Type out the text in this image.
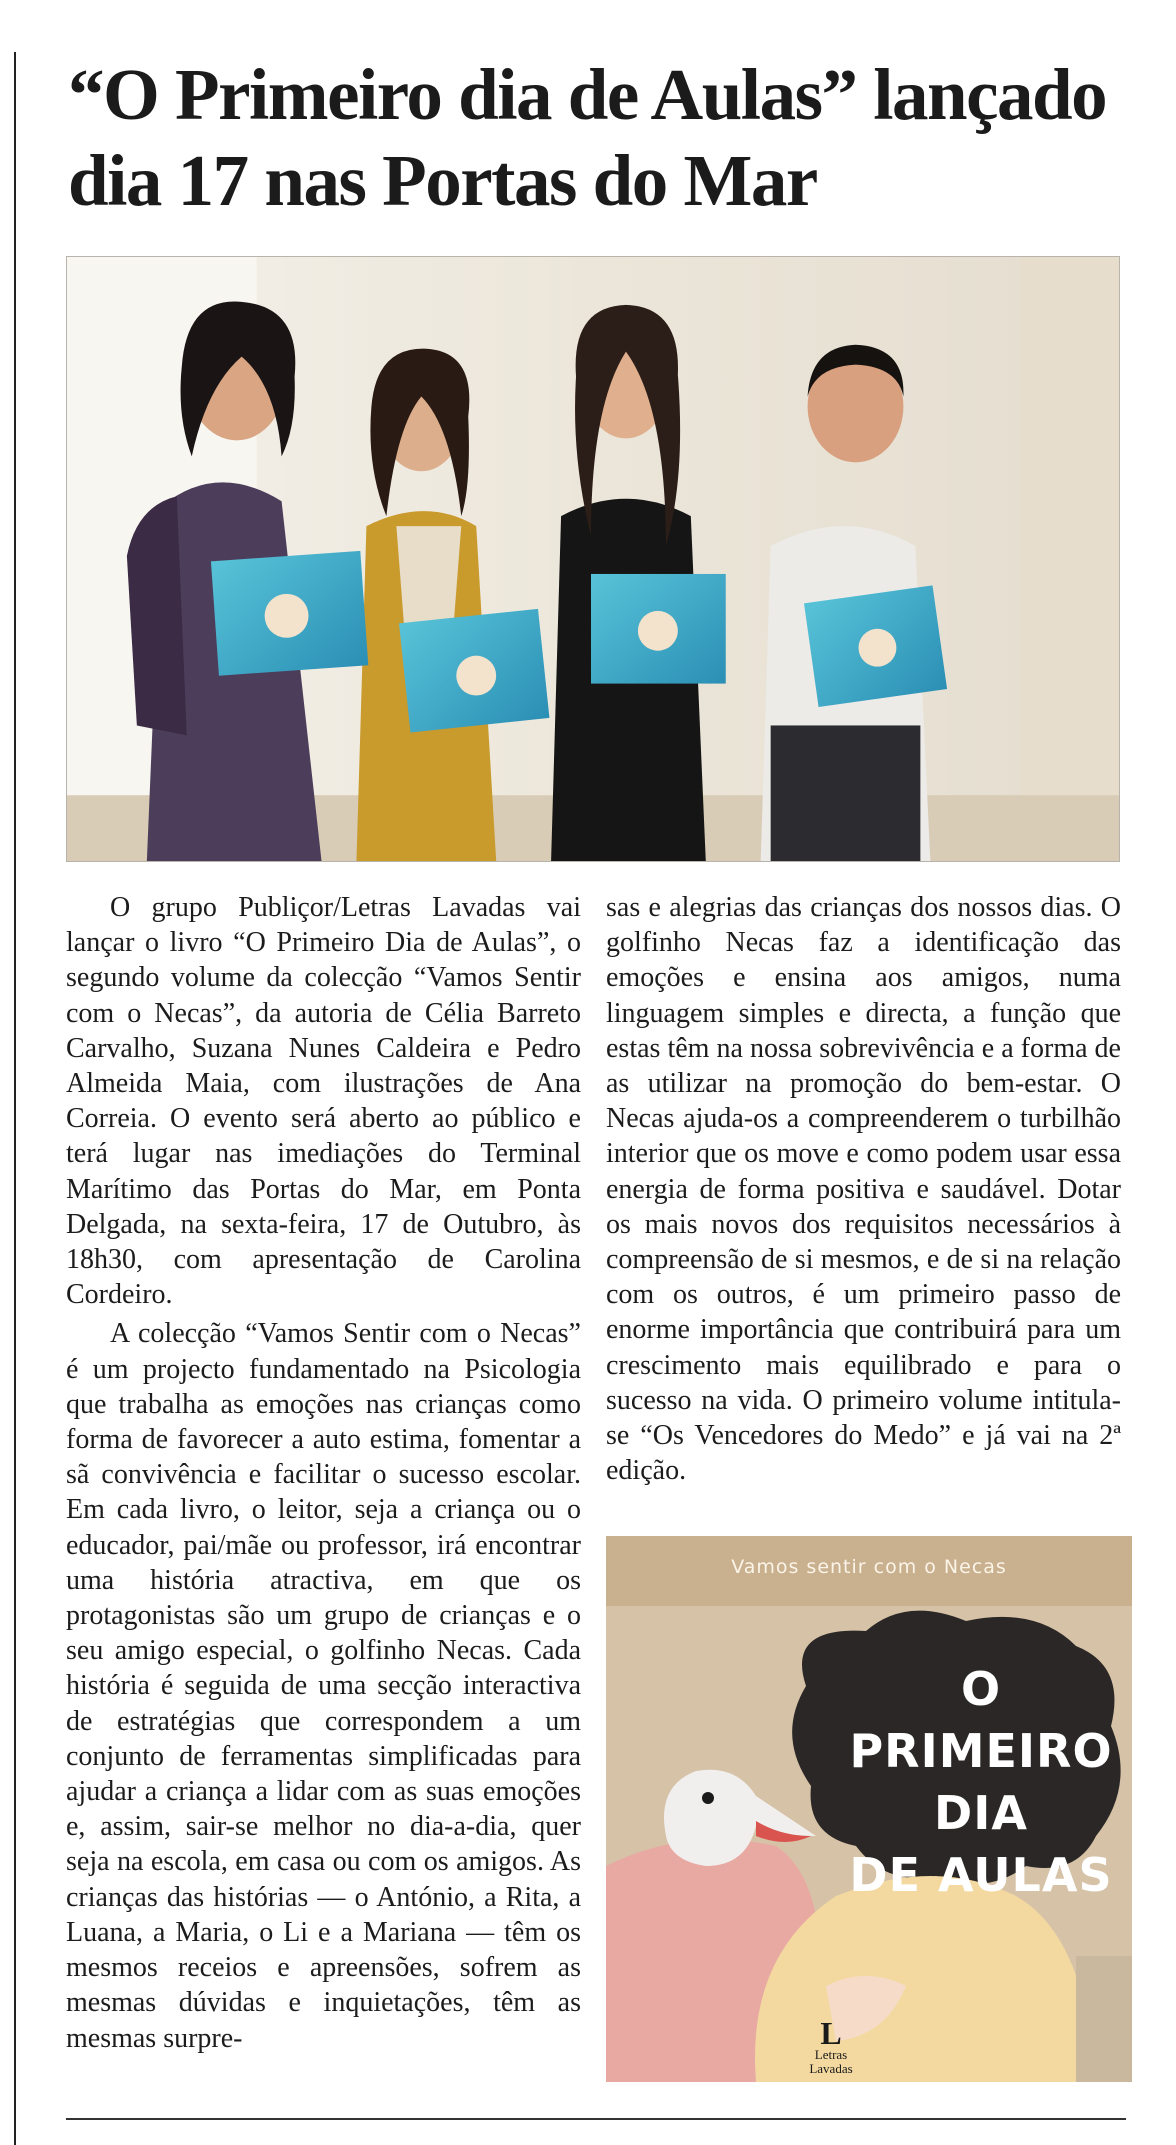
“O Primeiro dia de Aulas” lançado dia 17 nas Portas do Mar

O grupo Publiçor/Letras Lavadas vai lançar o livro “O Primeiro Dia de Aulas”, o segundo volume da colecção “Vamos Sentir com o Necas”, da autoria de Célia Barreto Carvalho, Suzana Nunes Caldeira e Pedro Almeida Maia, com ilustrações de Ana Correia. O evento será aberto ao público e terá lugar nas imediações do Terminal Marítimo das Portas do Mar, em Ponta Delgada, na sexta-feira, 17 de Outubro, às 18h30, com apresentação de Carolina Cordeiro.

A colecção “Vamos Sentir com o Necas” é um projecto fundamentado na Psicologia que trabalha as emoções nas crianças como forma de favorecer a auto estima, fomentar a sã convivência e facilitar o sucesso escolar. Em cada livro, o leitor, seja a criança ou o educador, pai/mãe ou professor, irá encontrar uma história atractiva, em que os protagonistas são um grupo de crianças e o seu amigo especial, o golfinho Necas. Cada história é seguida de uma secção interactiva de estratégias que correspondem a um conjunto de ferramentas simplificadas para ajudar a criança a lidar com as suas emoções e, assim, sair-se melhor no dia-a-dia, quer seja na escola, em casa ou com os amigos. As crianças das histórias — o António, a Rita, a Luana, a Maria, o Li e a Mariana — têm os mesmos receios e apreensões, sofrem as mesmas dúvidas e inquietações, têm as mesmas surpre-

sas e alegrias das crianças dos nossos dias. O golfinho Necas faz a identificação das emoções e ensina aos amigos, numa linguagem simples e directa, a função que estas têm na nossa sobrevivência e a forma de as utilizar na promoção do bem-estar. O Necas ajuda-os a compreenderem o turbilhão interior que os move e como podem usar essa energia de forma positiva e saudável. Dotar os mais novos dos requisitos necessários à compreensão de si mesmos, e de si na relação com os outros, é um primeiro passo de enorme importância que contribuirá para um crescimento mais equilibrado e para o sucesso na vida. O primeiro volume intitula-se “Os Vencedores do Medo” e já vai na 2ª edição.

Vamos sentir com o Necas
O PRIMEIRO
DIA
DE AULAS
L
Letras
Lavadas
